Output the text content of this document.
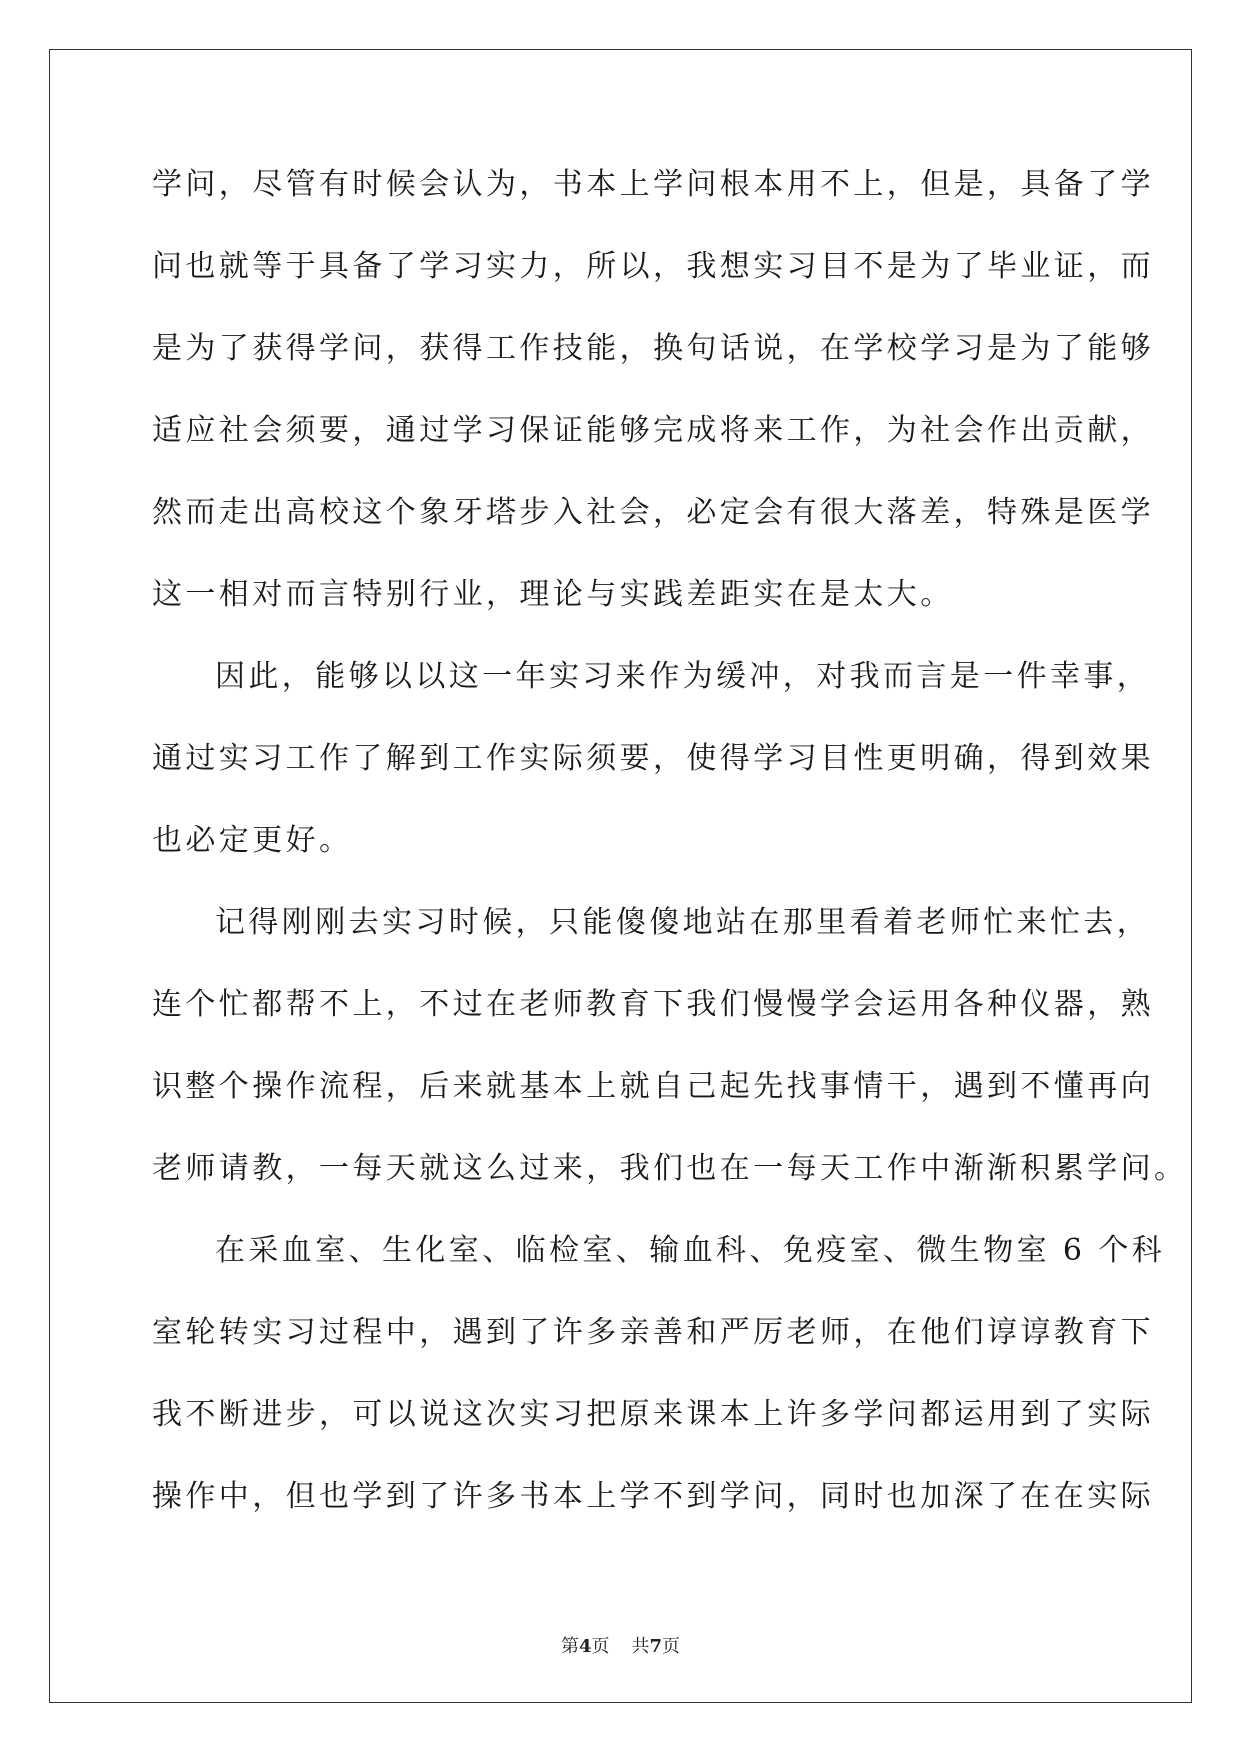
学问，尽管有时候会认为，书本上学问根本用不上，但是，具备了学
问也就等于具备了学习实力，所以，我想实习目不是为了毕业证，而
是为了获得学问，获得工作技能，换句话说，在学校学习是为了能够
适应社会须要，通过学习保证能够完成将来工作，为社会作出贡献，
然而走出高校这个象牙塔步入社会，必定会有很大落差，特殊是医学
这一相对而言特别行业，理论与实践差距实在是太大。
因此，能够以以这一年实习来作为缓冲，对我而言是一件幸事，
通过实习工作了解到工作实际须要，使得学习目性更明确，得到效果
也必定更好。
记得刚刚去实习时候，只能傻傻地站在那里看着老师忙来忙去，
连个忙都帮不上，不过在老师教育下我们慢慢学会运用各种仪器，熟
识整个操作流程，后来就基本上就自己起先找事情干，遇到不懂再向
老师请教，一每天就这么过来，我们也在一每天工作中渐渐积累学问。
在采血室、生化室、临检室、输血科、免疫室、微生物室 6 个科
室轮转实习过程中，遇到了许多亲善和严厉老师，在他们谆谆教育下
我不断进步，可以说这次实习把原来课本上许多学问都运用到了实际
操作中，但也学到了许多书本上学不到学问，同时也加深了在在实际
第4页 共7页
